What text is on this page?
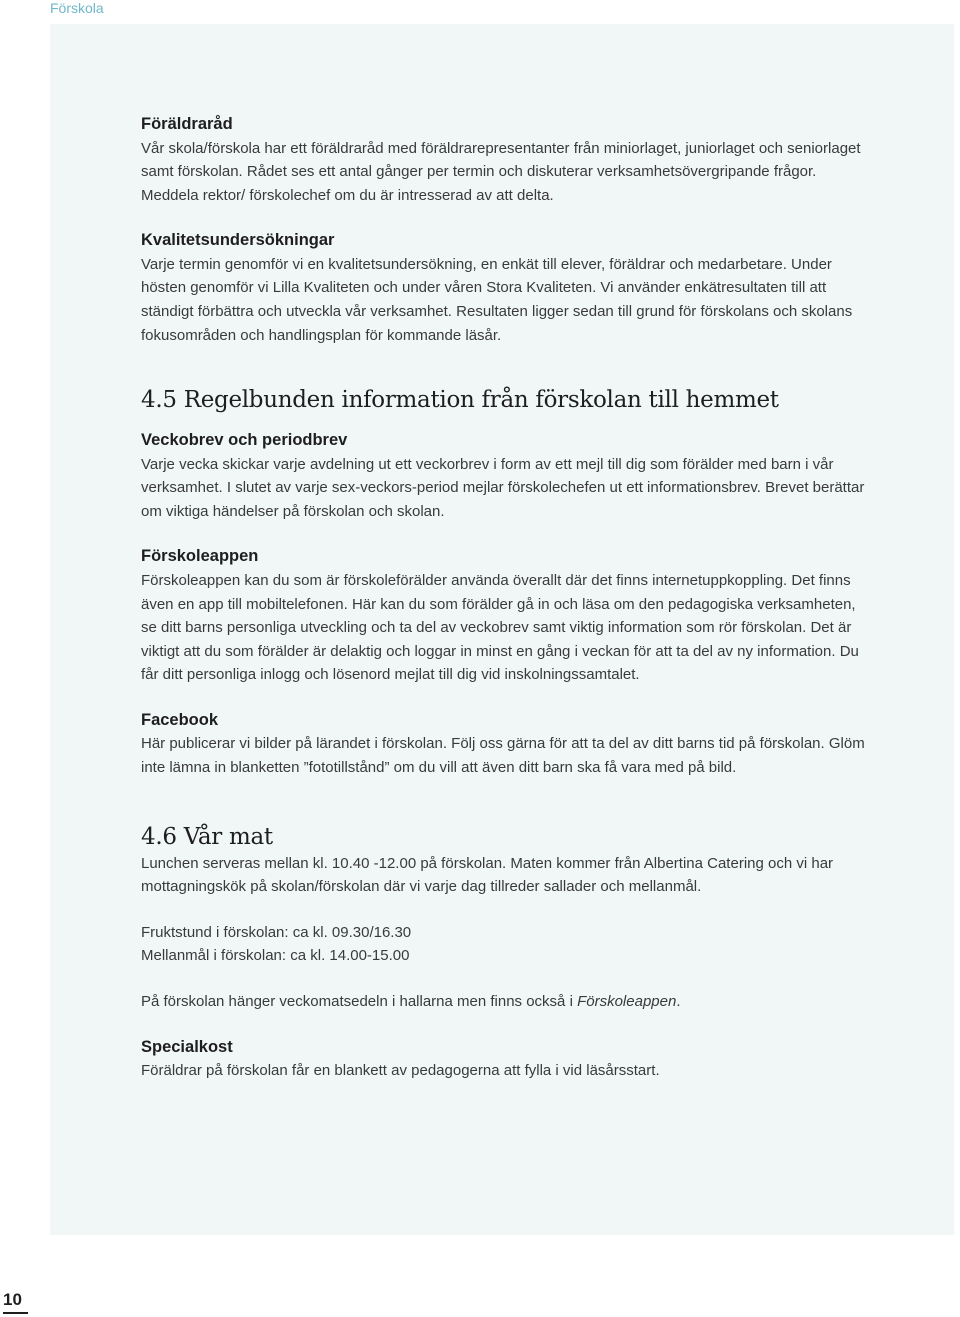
Förskola
Föräldraråd

Vår skola/förskola har ett föräldraråd med föräldrarepresentanter från miniorlaget, juniorlaget och seniorlaget samt förskolan. Rådet ses ett antal gånger per termin och diskuterar verksamhetsövergripande frågor. Meddela rektor/ förskolechef om du är intresserad av att delta.

Kvalitetsundersökningar

Varje termin genomför vi en kvalitetsundersökning, en enkät till elever, föräldrar och medarbetare. Under hösten genomför vi Lilla Kvaliteten och under våren Stora Kvaliteten. Vi använder enkätresultaten till att ständigt förbättra och utveckla vår verksamhet. Resultaten ligger sedan till grund för förskolans och skolans fokusområden och handlingsplan för kommande läsår.

4.5 Regelbunden information från förskolan till hemmet
Veckobrev och periodbrev

Varje vecka skickar varje avdelning ut ett veckorbrev i form av ett mejl till dig som förälder med barn i vår verksamhet. I slutet av varje sex-veckors-period mejlar förskolechefen ut ett informationsbrev. Brevet berättar om viktiga händelser på förskolan och skolan.

Förskoleappen

Förskoleappen kan du som är förskoleförälder använda överallt där det finns internetuppkoppling. Det finns även en app till mobiltelefonen. Här kan du som förälder gå in och läsa om den pedagogiska verksamheten, se ditt barns personliga utveckling och ta del av veckobrev samt viktig information som rör förskolan. Det är viktigt att du som förälder är delaktig och loggar in minst en gång i veckan för att ta del av ny information. Du får ditt personliga inlogg och lösenord mejlat till dig vid inskolningssamtalet.

Facebook

Här publicerar vi bilder på lärandet i förskolan. Följ oss gärna för att ta del av ditt barns tid på förskolan. Glöm inte lämna in blanketten ”fototillstånd” om du vill att även ditt barn ska få vara med på bild.

4.6 Vår mat

Lunchen serveras mellan kl. 10.40 -12.00 på förskolan. Maten kommer från Albertina Catering och vi har mottagningskök på skolan/förskolan där vi varje dag tillreder sallader och mellanmål.

Fruktstund i förskolan: ca kl. 09.30/16.30

Mellanmål i förskolan: ca kl. 14.00-15.00

På förskolan hänger veckomatsedeln i hallarna men finns också i Förskoleappen.

Specialkost

Föräldrar på förskolan får en blankett av pedagogerna att fylla i vid läsårsstart.

10
